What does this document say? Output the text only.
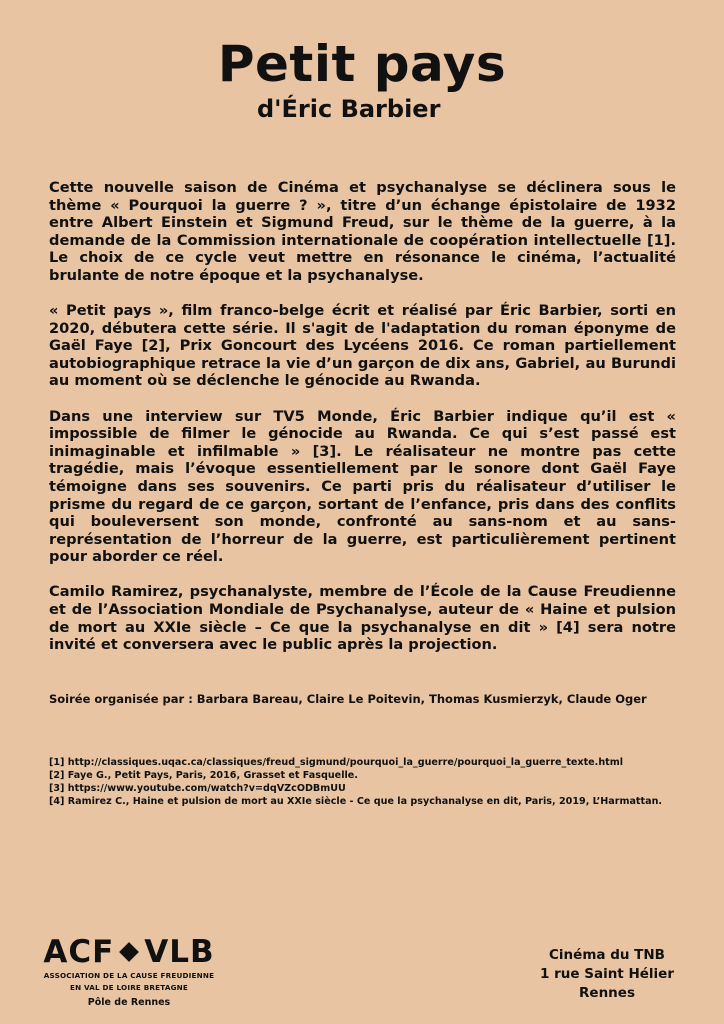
Petit pays
d'Éric Barbier

Cette nouvelle saison de Cinéma et psychanalyse se déclinera sous le thème « Pourquoi la guerre ? », titre d’un échange épistolaire de 1932 entre Albert Einstein et Sigmund Freud, sur le thème de la guerre, à la demande de la Commission internationale de coopération intellectuelle [1]. Le choix de ce cycle veut mettre en résonance le cinéma, l’actualité brulante de notre époque et la psychanalyse.

« Petit pays », film franco-belge écrit et réalisé par Éric Barbier, sorti en 2020, débutera cette série. Il s'agit de l'adaptation du roman éponyme de Gaël Faye [2], Prix Goncourt des Lycéens 2016. Ce roman partiellement autobiographique retrace la vie d’un garçon de dix ans, Gabriel, au Burundi au moment où se déclenche le génocide au Rwanda.

Dans une interview sur TV5 Monde, Éric Barbier indique qu’il est « impossible de filmer le génocide au Rwanda. Ce qui s’est passé est inimaginable et infilmable » [3]. Le réalisateur ne montre pas cette tragédie, mais l’évoque essentiellement par le sonore dont Gaël Faye témoigne dans ses souvenirs. Ce parti pris du réalisateur d’utiliser le prisme du regard de ce garçon, sortant de l’enfance, pris dans des conflits qui bouleversent son monde, confronté au sans-nom et au sans-représentation de l’horreur de la guerre, est particulièrement pertinent pour aborder ce réel.

Camilo Ramirez, psychanalyste, membre de l’École de la Cause Freudienne et de l’Association Mondiale de Psychanalyse, auteur de « Haine et pulsion de mort au XXIe siècle – Ce que la psychanalyse en dit » [4] sera notre invité et conversera avec le public après la projection.

Soirée organisée par : Barbara Bareau, Claire Le Poitevin, Thomas Kusmierzyk, Claude Oger
[1] http://classiques.uqac.ca/classiques/freud_sigmund/pourquoi_la_guerre/pourquoi_la_guerre_texte.html
[2] Faye G., Petit Pays, Paris, 2016, Grasset et Fasquelle.
[3] https://www.youtube.com/watch?v=dqVZcODBmUU
[4] Ramirez C., Haine et pulsion de mort au XXIe siècle - Ce que la psychanalyse en dit, Paris, 2019, L’Harmattan.
ACF VLB
ASSOCIATION DE LA CAUSE FREUDIENNE
EN VAL DE LOIRE BRETAGNE
Pôle de Rennes
Cinéma du TNB
1 rue Saint Hélier
Rennes
